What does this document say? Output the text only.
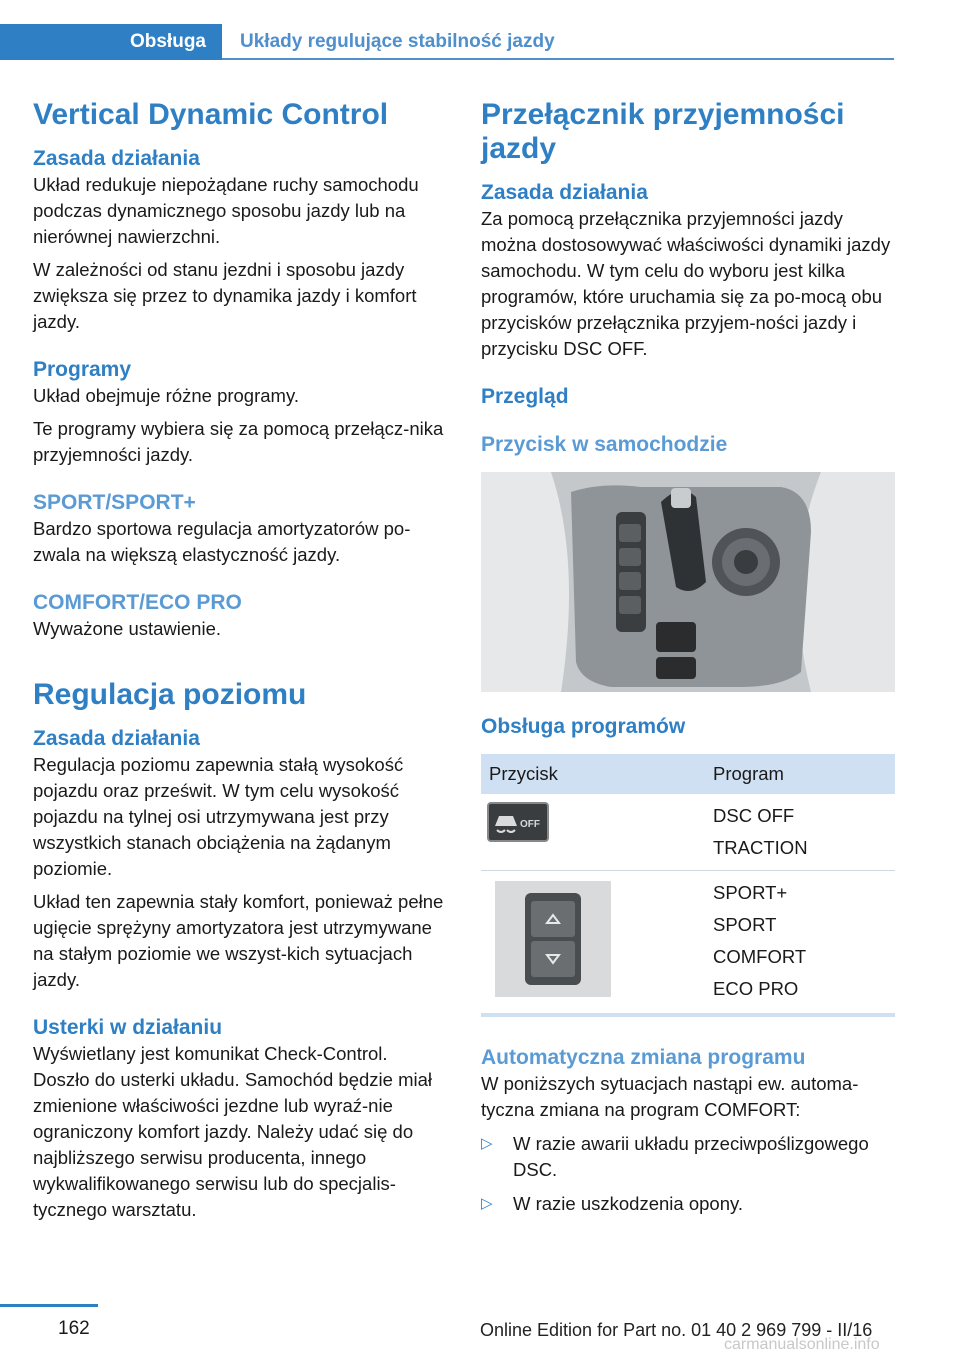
Obsługa	Układy regulujące stabilność jazdy
Vertical Dynamic Control
Zasada działania

Układ redukuje niepożądane ruchy samochodu podczas dynamicznego sposobu jazdy lub na nierównej nawierzchni.

W zależności od stanu jezdni i sposobu jazdy zwiększa się przez to dynamika jazdy i komfort jazdy.

Programy

Układ obejmuje różne programy.

Te programy wybiera się za pomocą przełącz‐nika przyjemności jazdy.

SPORT/SPORT+

Bardzo sportowa regulacja amortyzatorów po‐zwala na większą elastyczność jazdy.

COMFORT/ECO PRO

Wyważone ustawienie.

Regulacja poziomu
Zasada działania

Regulacja poziomu zapewnia stałą wysokość pojazdu oraz prześwit. W tym celu wysokość pojazdu na tylnej osi utrzymywana jest przy wszystkich stanach obciążenia na żądanym poziomie.

Układ ten zapewnia stały komfort, ponieważ pełne ugięcie sprężyny amortyzatora jest utrzymywane na stałym poziomie we wszyst‐kich sytuacjach jazdy.

Usterki w działaniu

Wyświetlany jest komunikat Check-Control. Doszło do usterki układu. Samochód będzie miał zmienione właściwości jezdne lub wyraź‐nie ograniczony komfort jazdy. Należy udać się do najbliższego serwisu producenta, innego wykwalifikowanego serwisu lub do specjalis‐tycznego warsztatu.

Przełącznik przyjemności jazdy
Zasada działania

Za pomocą przełącznika przyjemności jazdy można dostosowywać właściwości dynamiki jazdy samochodu. W tym celu do wyboru jest kilka programów, które uruchamia się za po‐mocą obu przycisków przełącznika przyjem‐ności jazdy i przycisku DSC OFF.

Przegląd
Przycisk w samochodzie
Obsługa programów
Przycisk	Program

OFF	DSC OFF
TRACTION

SPORT+
SPORT
COMFORT
ECO PRO
Automatyczna zmiana programu

W poniższych sytuacjach nastąpi ew. automa‐tyczna zmiana na program COMFORT:

▷ W razie awarii układu przeciwpoślizgowego DSC.
▷ W razie uszkodzenia opony.
162	Online Edition for Part no. 01 40 2 969 799 - II/16
carmanualsonline.info
